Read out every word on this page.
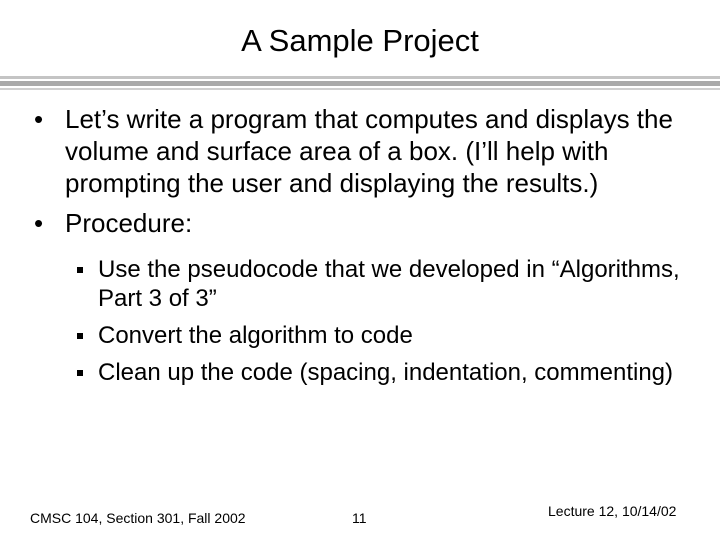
A Sample Project
• Let’s write a program that computes and displays the volume and surface area of a box. (I’ll help with prompting the user and displaying the results.)
• Procedure:
Use the pseudocode that we developed in “Algorithms, Part 3 of 3”
Convert the algorithm to code
Clean up the code (spacing, indentation, commenting)
CMSC 104, Section 301, Fall 2002	11	Lecture 12, 10/14/02
